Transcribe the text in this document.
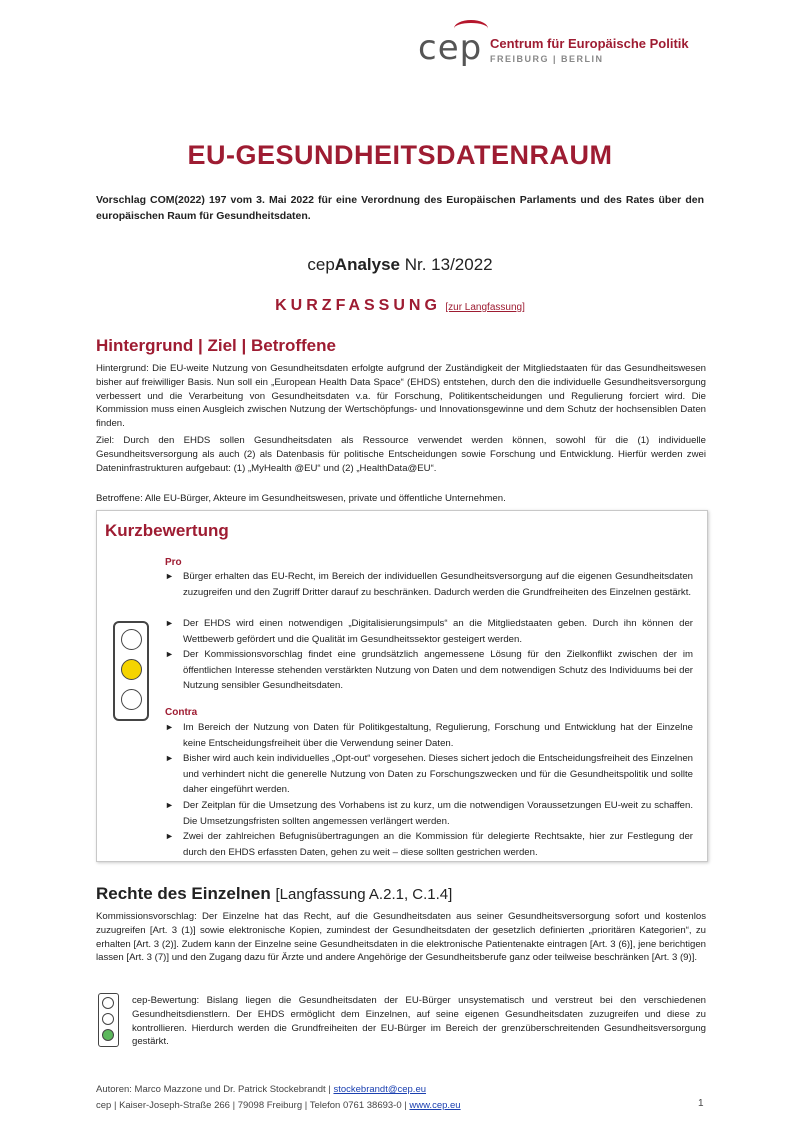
cep Centrum für Europäische Politik
FREIBURG | BERLIN
EU-GESUNDHEITSDATENRAUM
Vorschlag COM(2022) 197 vom 3. Mai 2022 für eine Verordnung des Europäischen Parlaments und des Rates über den europäischen Raum für Gesundheitsdaten.
cepAnalyse Nr. 13/2022
KURZFASSUNG [zur Langfassung]
Hintergrund | Ziel | Betroffene
Hintergrund: Die EU-weite Nutzung von Gesundheitsdaten erfolgte aufgrund der Zuständigkeit der Mitgliedstaaten für das Gesundheitswesen bisher auf freiwilliger Basis. Nun soll ein „European Health Data Space“ (EHDS) entstehen, durch den die individuelle Gesundheitsversorgung verbessert und die Verarbeitung von Gesundheitsdaten v.a. für Forschung, Politikentscheidungen und Regulierung forciert wird. Die Kommission muss einen Ausgleich zwischen Nutzung der Wertschöpfungs- und Innovationsgewinne und dem Schutz der hochsensiblen Daten finden.
Ziel: Durch den EHDS sollen Gesundheitsdaten als Ressource verwendet werden können, sowohl für die (1) individuelle Gesundheitsversorgung als auch (2) als Datenbasis für politische Entscheidungen sowie Forschung und Entwicklung. Hierfür werden zwei Dateninfrastrukturen aufgebaut: (1) „MyHealth @EU“ und (2) „HealthData@EU“.
Betroffene: Alle EU-Bürger, Akteure im Gesundheitswesen, private und öffentliche Unternehmen.
Kurzbewertung
Pro
► Bürger erhalten das EU-Recht, im Bereich der individuellen Gesundheitsversorgung auf die eigenen Gesundheitsdaten zuzugreifen und den Zugriff Dritter darauf zu beschränken. Dadurch werden die Grundfreiheiten des Einzelnen gestärkt.
► Der EHDS wird einen notwendigen „Digitalisierungsimpuls“ an die Mitgliedstaaten geben. Durch ihn können der Wettbewerb gefördert und die Qualität im Gesundheitssektor gesteigert werden.
► Der Kommissionsvorschlag findet eine grundsätzlich angemessene Lösung für den Zielkonflikt zwischen der im öffentlichen Interesse stehenden verstärkten Nutzung von Daten und dem notwendigen Schutz des Individuums bei der Nutzung sensibler Gesundheitsdaten.
Contra
► Im Bereich der Nutzung von Daten für Politikgestaltung, Regulierung, Forschung und Entwicklung hat der Einzelne keine Entscheidungsfreiheit über die Verwendung seiner Daten.
► Bisher wird auch kein individuelles „Opt-out“ vorgesehen. Dieses sichert jedoch die Entscheidungsfreiheit des Einzelnen und verhindert nicht die generelle Nutzung von Daten zu Forschungszwecken und für die Gesundheitspolitik und sollte daher eingeführt werden.
► Der Zeitplan für die Umsetzung des Vorhabens ist zu kurz, um die notwendigen Voraussetzungen EU-weit zu schaffen. Die Umsetzungsfristen sollten angemessen verlängert werden.
► Zwei der zahlreichen Befugnisübertragungen an die Kommission für delegierte Rechtsakte, hier zur Festlegung der durch den EHDS erfassten Daten, gehen zu weit – diese sollten gestrichen werden.
Rechte des Einzelnen [Langfassung A.2.1, C.1.4]
Kommissionsvorschlag: Der Einzelne hat das Recht, auf die Gesundheitsdaten aus seiner Gesundheitsversorgung sofort und kostenlos zuzugreifen [Art. 3 (1)] sowie elektronische Kopien, zumindest der Gesundheitsdaten der gesetzlich definierten „prioritären Kategorien“, zu erhalten [Art. 3 (2)]. Zudem kann der Einzelne seine Gesundheitsdaten in die elektronische Patientenakte eintragen [Art. 3 (6)], jene berichtigen lassen [Art. 3 (7)] und den Zugang dazu für Ärzte und andere Angehörige der Gesundheitsberufe ganz oder teilweise beschränken [Art. 3 (9)].
cep-Bewertung: Bislang liegen die Gesundheitsdaten der EU-Bürger unsystematisch und verstreut bei den verschiedenen Gesundheitsdienstlern. Der EHDS ermöglicht dem Einzelnen, auf seine eigenen Gesundheitsdaten zuzugreifen und diese zu kontrollieren. Hierdurch werden die Grundfreiheiten der EU-Bürger im Bereich der grenzüberschreitenden Gesundheitsversorgung gestärkt.
Autoren: Marco Mazzone und Dr. Patrick Stockebrandt | stockebrandt@cep.eu
cep | Kaiser-Joseph-Straße 266 | 79098 Freiburg | Telefon 0761 38693-0 | www.cep.eu	1
